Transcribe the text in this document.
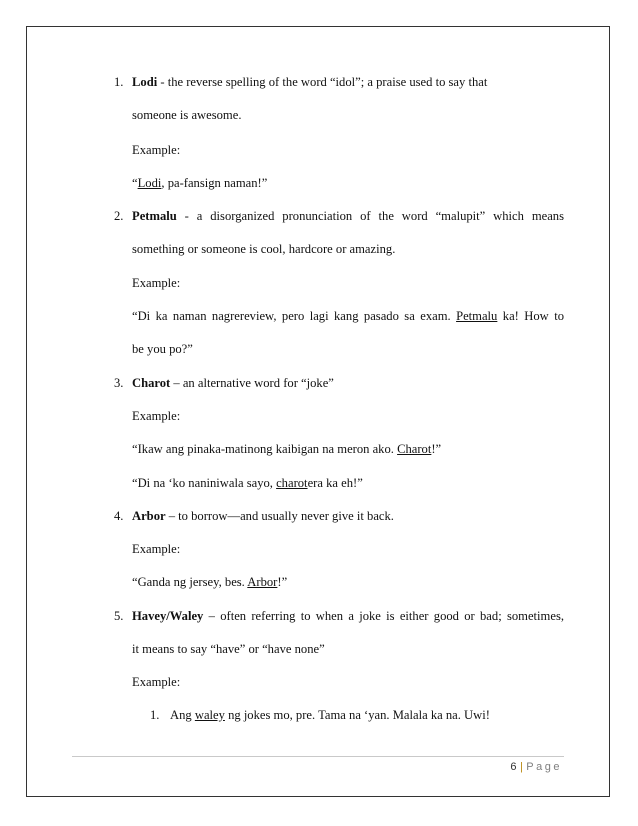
1. Lodi - the reverse spelling of the word “idol”; a praise used to say that
someone is awesome.
Example:
“Lodi, pa-fansign naman!”
2. Petmalu - a disorganized pronunciation of the word “malupit” which means
something or someone is cool, hardcore or amazing.
Example:
“Di ka naman nagrereview, pero lagi kang pasado sa exam. Petmalu ka! How to
be you po?”
3. Charot – an alternative word for “joke”
Example:
“Ikaw ang pinaka-matinong kaibigan na meron ako. Charot!”
“Di na ‘ko naniniwala sayo, charotera ka eh!”
4. Arbor – to borrow—and usually never give it back.
Example:
“Ganda ng jersey, bes. Arbor!”
5. Havey/Waley – often referring to when a joke is either good or bad; sometimes,
it means to say “have” or “have none”
Example:
1. Ang waley ng jokes mo, pre. Tama na ‘yan. Malala ka na. Uwi!
6 | Page
